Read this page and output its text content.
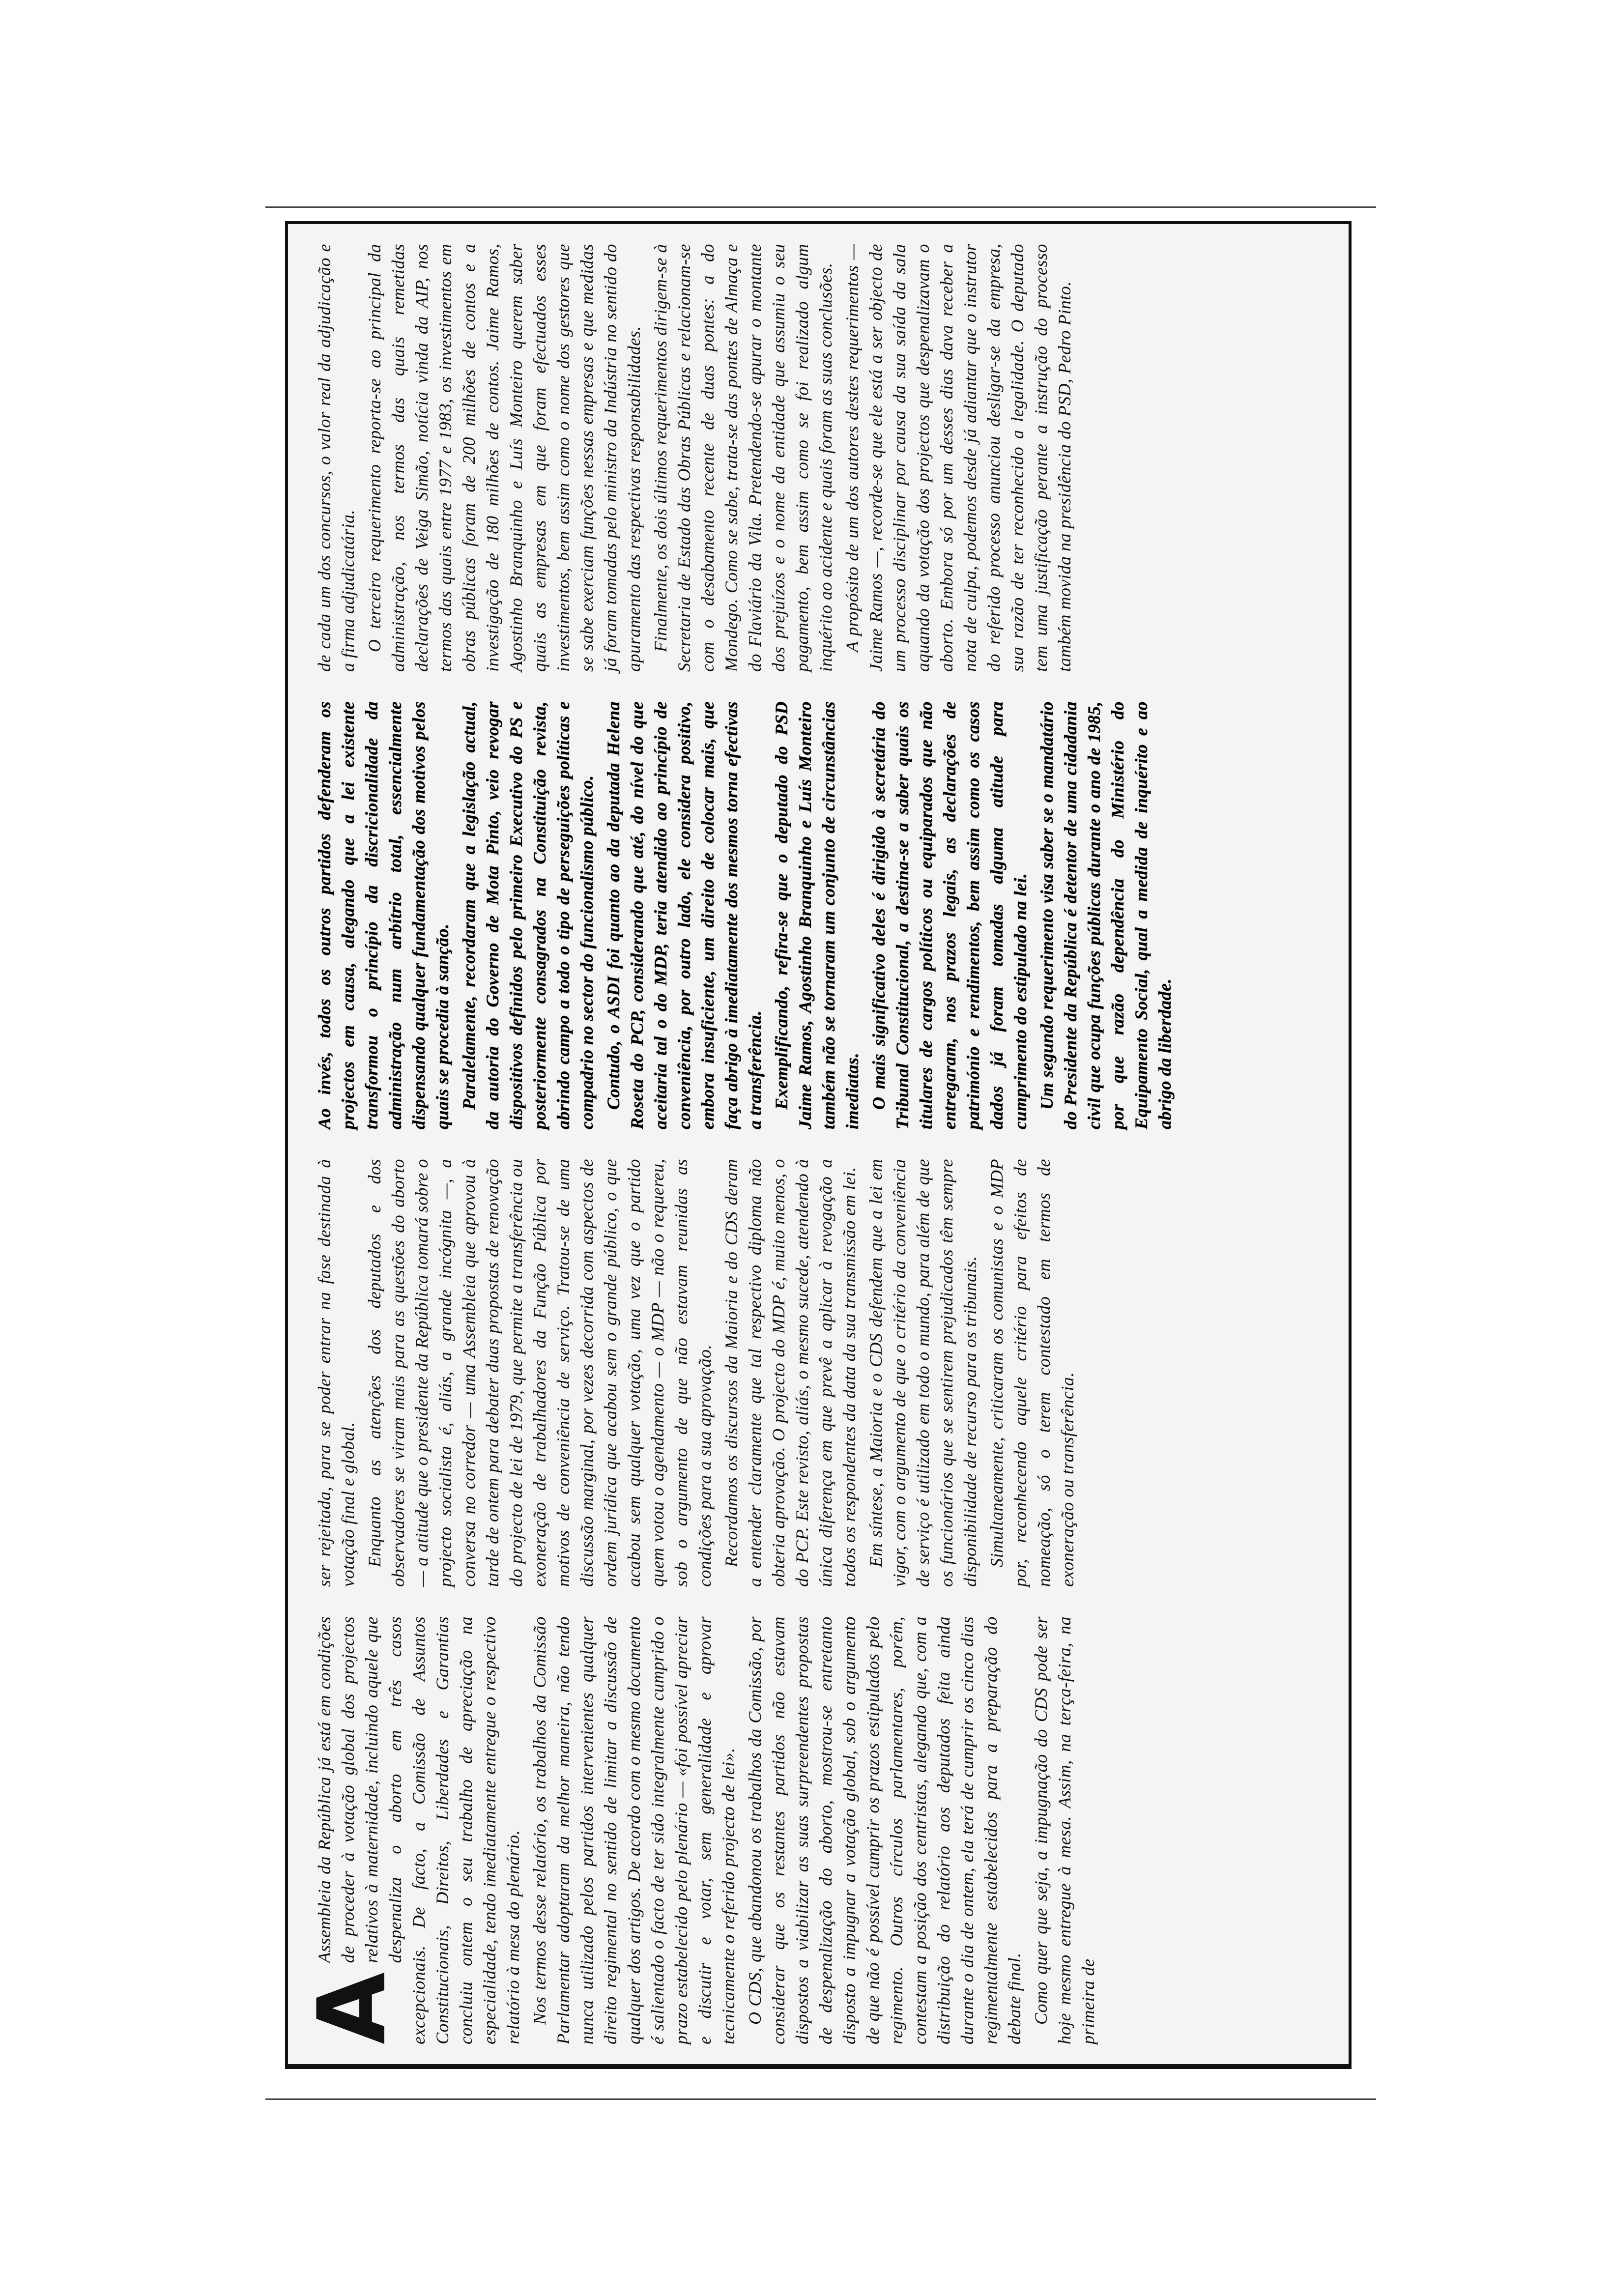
A
Assembleia da República já está em condições de proceder à votação global dos projectos relativos à maternidade, incluindo aquele que despenaliza o aborto em três casos excepcionais. De facto, a Comissão de Assuntos Constitucionais, Direitos, Liberdades e Garantias concluiu ontem o seu trabalho de apreciação na especialidade, tendo imediatamente entregue o respectivo relatório à mesa do plenário. Nos termos desse relatório, os trabalhos da Comissão Parlamentar adoptaram da melhor maneira, não tendo nunca utilizado pelos partidos intervenientes qualquer direito regimental no sentido de limitar a discussão de qualquer dos artigos. De acordo com o mesmo documento é salientado o facto de ter sido integralmente cumprido o prazo estabelecido pelo plenário — «foi possível apreciar e discutir e votar, sem generalidade e aprovar tecnicamente o referido projecto de lei». O CDS, que abandonou os trabalhos da Comissão, por considerar que os restantes partidos não estavam dispostos a viabilizar as suas surpreendentes propostas de despenalização do aborto, mostrou-se entretanto disposto a impugnar a votação global, sob o argumento de que não é possível cumprir os prazos estipulados pelo regimento. Outros círculos parlamentares, porém, contestam a posição dos centristas, alegando que, com a distribuição do relatório aos deputados feita ainda durante o dia de ontem, ela terá de cumprir os cinco dias regimentalmente estabelecidos para a preparação do debate final. Como quer que seja, a impugnação do CDS pode ser hoje mesmo entregue à mesa. Assim, na terça-feira, na primeira de

ser rejeitada, para se poder entrar na fase destinada à votação final e global. Enquanto as atenções dos deputados e dos observadores se viram mais para as questões do aborto — a atitude que o presidente da República tomará sobre o projecto socialista é, aliás, a grande incógnita —, a conversa no corredor — uma Assembleia que aprovou à tarde de ontem para debater duas propostas de renovação do projecto de lei de 1979, que permite a transferência ou exoneração de trabalhadores da Função Pública por motivos de conveniência de serviço. Tratou-se de uma discussão marginal, por vezes decorrida com aspectos de ordem jurídica que acabou sem o grande público, o que acabou sem qualquer votação, uma vez que o partido quem votou o agendamento — o MDP — não o requereu, sob o argumento de que não estavam reunidas as condições para a sua aprovação. Recordamos os discursos da Maioria e do CDS deram a entender claramente que tal respectivo diploma não obteria aprovação. O projecto do MDP é, muito menos, o do PCP. Este revisto, aliás, o mesmo sucede, atendendo à única diferença em que prevê a aplicar à revogação a todos os respondentes da data da sua transmissão em lei. Em síntese, a Maioria e o CDS defendem que a lei em vigor, com o argumento de que o critério da conveniência de serviço é utilizado em todo o mundo, para além de que os funcionários que se sentirem prejudicados têm sempre disponibilidade de recurso para os tribunais. Simultaneamente, criticaram os comunistas e o MDP por, reconhecendo aquele critério para efeitos de nomeação, só o terem contestado em termos de exoneração ou transferência.

Ao invés, todos os outros partidos defenderam os projectos em causa, alegando que a lei existente transformou o princípio da discricionalidade da administração num arbítrio total, essencialmente dispensando qualquer fundamentação dos motivos pelos quais se procedia à sanção. Paralelamente, recordaram que a legislação actual, da autoria do Governo de Mota Pinto, veio revogar dispositivos definidos pelo primeiro Executivo do PS e posteriormente consagrados na Constituição revista, abrindo campo a todo o tipo de perseguições políticas e compadrio no sector do funcionalismo público. Contudo, o ASDI foi quanto ao da deputada Helena Roseta do PCP, considerando que até, do nível do que aceitaria tal o do MDP, teria atendido ao princípio de conveniência, por outro lado, ele considera positivo, embora insuficiente, um direito de colocar mais, que faça abrigo à imediatamente dos mesmos torna efectivas a transferência. Exemplificando, refira-se que o deputado do PSD Jaime Ramos, Agostinho Branquinho e Luís Monteiro também não se tornaram um conjunto de circunstâncias imediatas. O mais significativo deles é dirigido à secretária do Tribunal Constitucional, a destina-se a saber quais os titulares de cargos políticos ou equiparados que não entregaram, nos prazos legais, as declarações de património e rendimentos, bem assim como os casos dados já foram tomadas alguma atitude para cumprimento do estipulado na lei. Um segundo requerimento visa saber se o mandatário do Presidente da República é detentor de uma cidadania civil que ocupa funções públicas durante o ano de 1985, por que razão dependência do Ministério do Equipamento Social, qual a medida de inquérito e ao abrigo da liberdade.

de cada um dos concursos, o valor real da adjudicação e a firma adjudicatária. O terceiro requerimento reporta-se ao principal da administração, nos termos das quais remetidas declarações de Veiga Simão, notícia vinda da AIP, nos termos das quais entre 1977 e 1983, os investimentos em obras públicas foram de 200 milhões de contos e a investigação de 180 milhões de contos. Jaime Ramos, Agostinho Branquinho e Luís Monteiro querem saber quais as empresas em que foram efectuados esses investimentos, bem assim como o nome dos gestores que se sabe exerciam funções nessas empresas e que medidas já foram tomadas pelo ministro da Indústria no sentido do apuramento das respectivas responsabilidades. Finalmente, os dois últimos requerimentos dirigem-se à Secretaria de Estado das Obras Públicas e relacionam-se com o desabamento recente de duas pontes: a do Mondego. Como se sabe, trata-se das pontes de Almaça e do Flaviário da Vila. Pretendendo-se apurar o montante dos prejuízos e o nome da entidade que assumiu o seu pagamento, bem assim como se foi realizado algum inquérito ao acidente e quais foram as suas conclusões. A propósito de um dos autores destes requerimentos — Jaime Ramos —, recorde-se que ele está a ser objecto de um processo disciplinar por causa da sua saída da sala aquando da votação dos projectos que despenalizavam o aborto. Embora só por um desses dias dava receber a nota de culpa, podemos desde já adiantar que o instrutor do referido processo anunciou desligar-se da empresa, sua razão de ter reconhecido a legalidade. O deputado tem uma justificação perante a instrução do processo também movida na presidência do PSD, Pedro Pinto.
